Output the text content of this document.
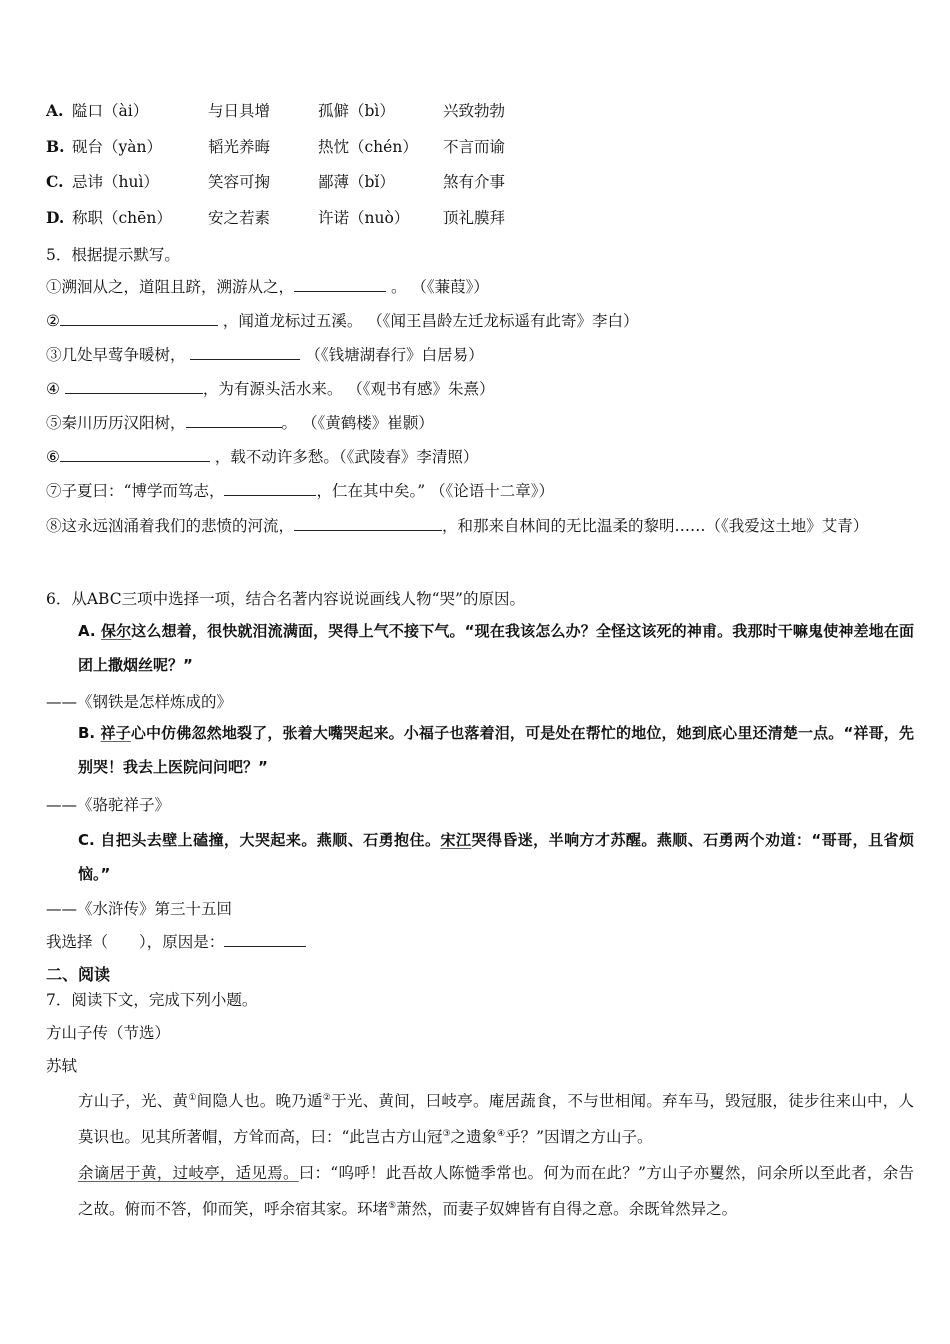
A. 隘口（ài）	与日具增	孤僻（bì）	兴致勃勃
B. 砚台（yàn）	韬光养晦	热忱（chén） 不言而谕
C. 忌讳（huì）	笑容可掬	鄙薄（bǐ）	煞有介事
D. 称职（chēn） 安之若素	许诺（nuò） 顶礼膜拜
5．根据提示默写。
①溯洄从之，道阻且跻，溯游从之，	。 （《蒹葭》）
②	，闻道龙标过五溪。 （《闻王昌龄左迁龙标遥有此寄》李白）
③几处早莺争暖树，	（《钱塘湖春行》白居易）
④	，为有源头活水来。 （《观书有感》朱熹）
⑤秦川历历汉阳树，	。 （《黄鹤楼》崔颢）
⑥	，载不动许多愁。（《武陵春》李清照）
⑦子夏曰：“博学而笃志，	，仁在其中矣。” （《论语十二章》）
⑧这永远汹涌着我们的悲愤的河流，	，和那来自林间的无比温柔的黎明……（《我爱这土地》艾青）
6．从ABC三项中选择一项，结合名著内容说说画线人物“哭”的原因。
A. 保尔这么想着，很快就泪流满面，哭得上气不接下气。“现在我该怎么办？全怪这该死的神甫。我那时干嘛鬼使神差地在面团上撒烟丝呢？”
——《钢铁是怎样炼成的》
B. 祥子心中仿佛忽然地裂了，张着大嘴哭起来。小福子也落着泪，可是处在帮忙的地位，她到底心里还清楚一点。“祥哥，先别哭！我去上医院问问吧？”
——《骆驼祥子》
C. 自把头去壁上磕撞，大哭起来。燕顺、石勇抱住。宋江哭得昏迷，半响方才苏醒。燕顺、石勇两个劝道：“哥哥，且省烦恼。”
——《水浒传》第三十五回
我选择（　　），原因是：
二、阅读
7．阅读下文，完成下列小题。
方山子传（节选）
苏轼
方山子，光、黄①间隐人也。晚乃遁②于光、黄间，曰岐亭。庵居蔬食，不与世相闻。弃车马，毁冠服，徒步往来山中，人莫识也。见其所著帽，方耸而高，曰：“此岂古方山冠③之遗象④乎？”因谓之方山子。
余谪居于黄，过岐亭，适见焉。曰：“呜呼！此吾故人陈慥季常也。何为而在此？”方山子亦矍然，问余所以至此者，余告之故。俯而不答，仰而笑，呼余宿其家。环堵⑤萧然，而妻子奴婢皆有自得之意。余既耸然异之。
